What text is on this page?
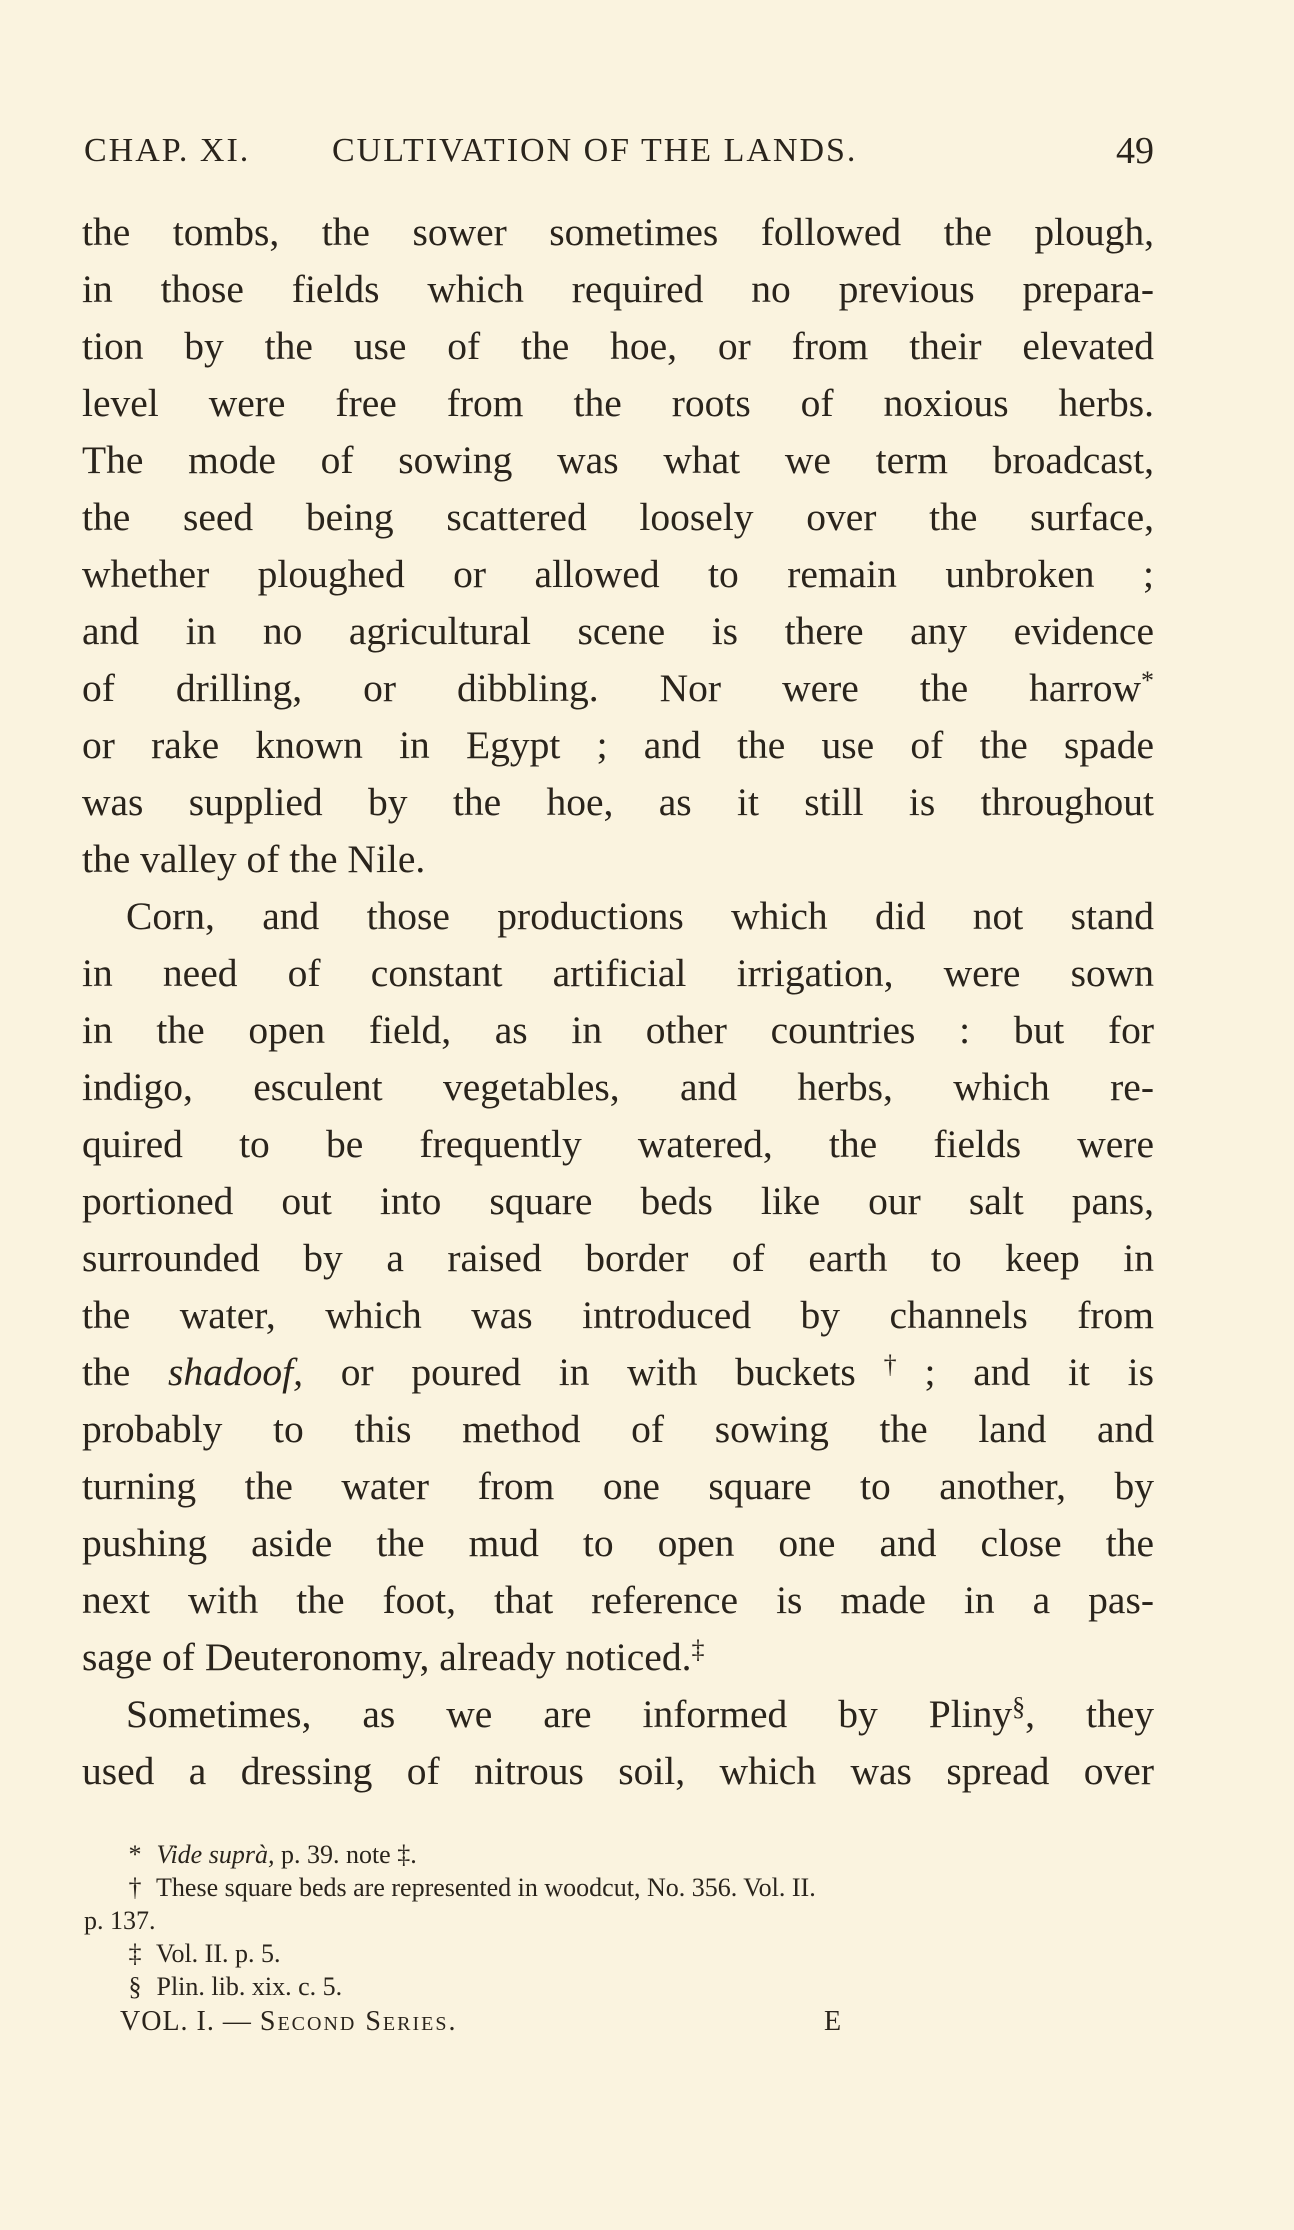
CHAP. XI. CULTIVATION OF THE LANDS.	49
the tombs, the sower sometimes followed the plough,
in those fields which required no previous prepara-
tion by the use of the hoe, or from their elevated
level were free from the roots of noxious herbs.
The mode of sowing was what we term broadcast,
the seed being scattered loosely over the surface,
whether ploughed or allowed to remain unbroken ;
and in no agricultural scene is there any evidence
of drilling, or dibbling. Nor were the harrow*
or rake known in Egypt ; and the use of the spade
was supplied by the hoe, as it still is throughout
the valley of the Nile.
Corn, and those productions which did not stand
in need of constant artificial irrigation, were sown
in the open field, as in other countries : but for
indigo, esculent vegetables, and herbs, which re-
quired to be frequently watered, the fields were
portioned out into square beds like our salt pans,
surrounded by a raised border of earth to keep in
the water, which was introduced by channels from
the shadoof, or poured in with buckets†; and it is
probably to this method of sowing the land and
turning the water from one square to another, by
pushing aside the mud to open one and close the
next with the foot, that reference is made in a pas-
sage of Deuteronomy, already noticed.‡
Sometimes, as we are informed by Pliny§, they
used a dressing of nitrous soil, which was spread over
* Vide suprà, p. 39. note ‡.
† These square beds are represented in woodcut, No. 356. Vol. II.
p. 137.
‡ Vol. II. p. 5.
§ Plin. lib. xix. c. 5.
VOL. I. — Second Series.	E
